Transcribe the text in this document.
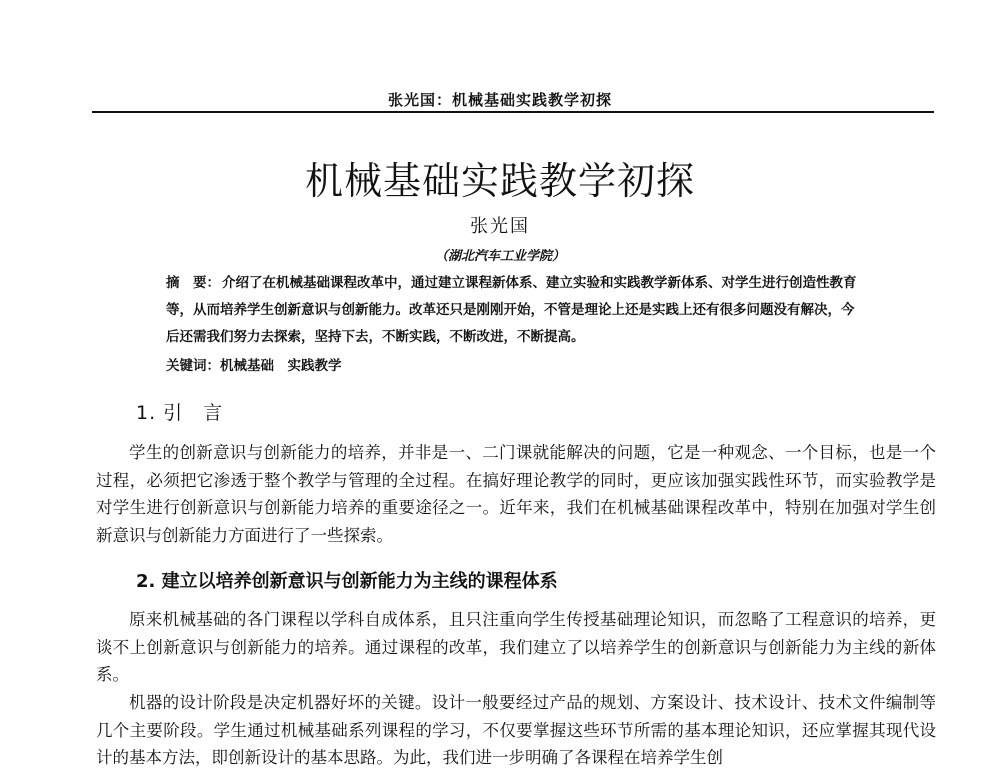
张光国：机械基础实践教学初探
机械基础实践教学初探
张光国
（湖北汽车工业学院）
摘　要： 介绍了在机械基础课程改革中，通过建立课程新体系、建立实验和实践教学新体系、对学生进行创造性教育等，从而培养学生创新意识与创新能力。改革还只是刚刚开始，不管是理论上还是实践上还有很多问题没有解决，今后还需我们努力去探索，坚持下去，不断实践，不断改进，不断提高。
关键词：机械基础　实践教学
1. 引　言
学生的创新意识与创新能力的培养，并非是一、二门课就能解决的问题，它是一种观念、一个目标，也是一个过程，必须把它渗透于整个教学与管理的全过程。在搞好理论教学的同时，更应该加强实践性环节，而实验教学是对学生进行创新意识与创新能力培养的重要途径之一。近年来，我们在机械基础课程改革中，特别在加强对学生创新意识与创新能力方面进行了一些探索。
2. 建立以培养创新意识与创新能力为主线的课程体系
原来机械基础的各门课程以学科自成体系，且只注重向学生传授基础理论知识，而忽略了工程意识的培养，更谈不上创新意识与创新能力的培养。通过课程的改革，我们建立了以培养学生的创新意识与创新能力为主线的新体系。
机器的设计阶段是决定机器好坏的关键。设计一般要经过产品的规划、方案设计、技术设计、技术文件编制等几个主要阶段。学生通过机械基础系列课程的学习，不仅要掌握这些环节所需的基本理论知识，还应掌握其现代设计的基本方法，即创新设计的基本思路。为此，我们进一步明确了各课程在培养学生创
